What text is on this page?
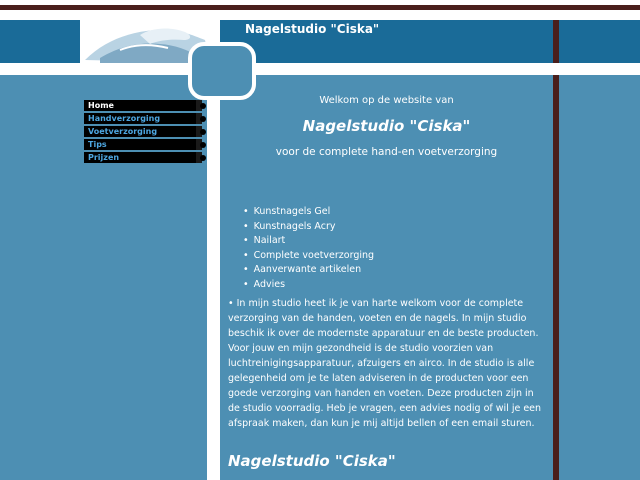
Nagelstudio "Ciska"
Home
Handverzorging
Voetverzorging
Tips
Prijzen
Welkom op de website van
Nagelstudio "Ciska"
voor de complete hand-en voetverzorging
• Kunstnagels Gel
• Kunstnagels Acry
• Nailart
• Complete voetverzorging
• Aanverwante artikelen
• Advies
• In mijn studio heet ik je van harte welkom voor de complete verzorging van de handen, voeten en de nagels. In mijn studio beschik ik over de modernste apparatuur en de beste producten. Voor jouw en mijn gezondheid is de studio voorzien van luchtreinigingsapparatuur, afzuigers en airco. In de studio is alle gelegenheid om je te laten adviseren in de producten voor een goede verzorging van handen en voeten. Deze producten zijn in de studio voorradig. Heb je vragen, een advies nodig of wil je een afspraak maken, dan kun je mij altijd bellen of een email sturen.
Nagelstudio "Ciska"
